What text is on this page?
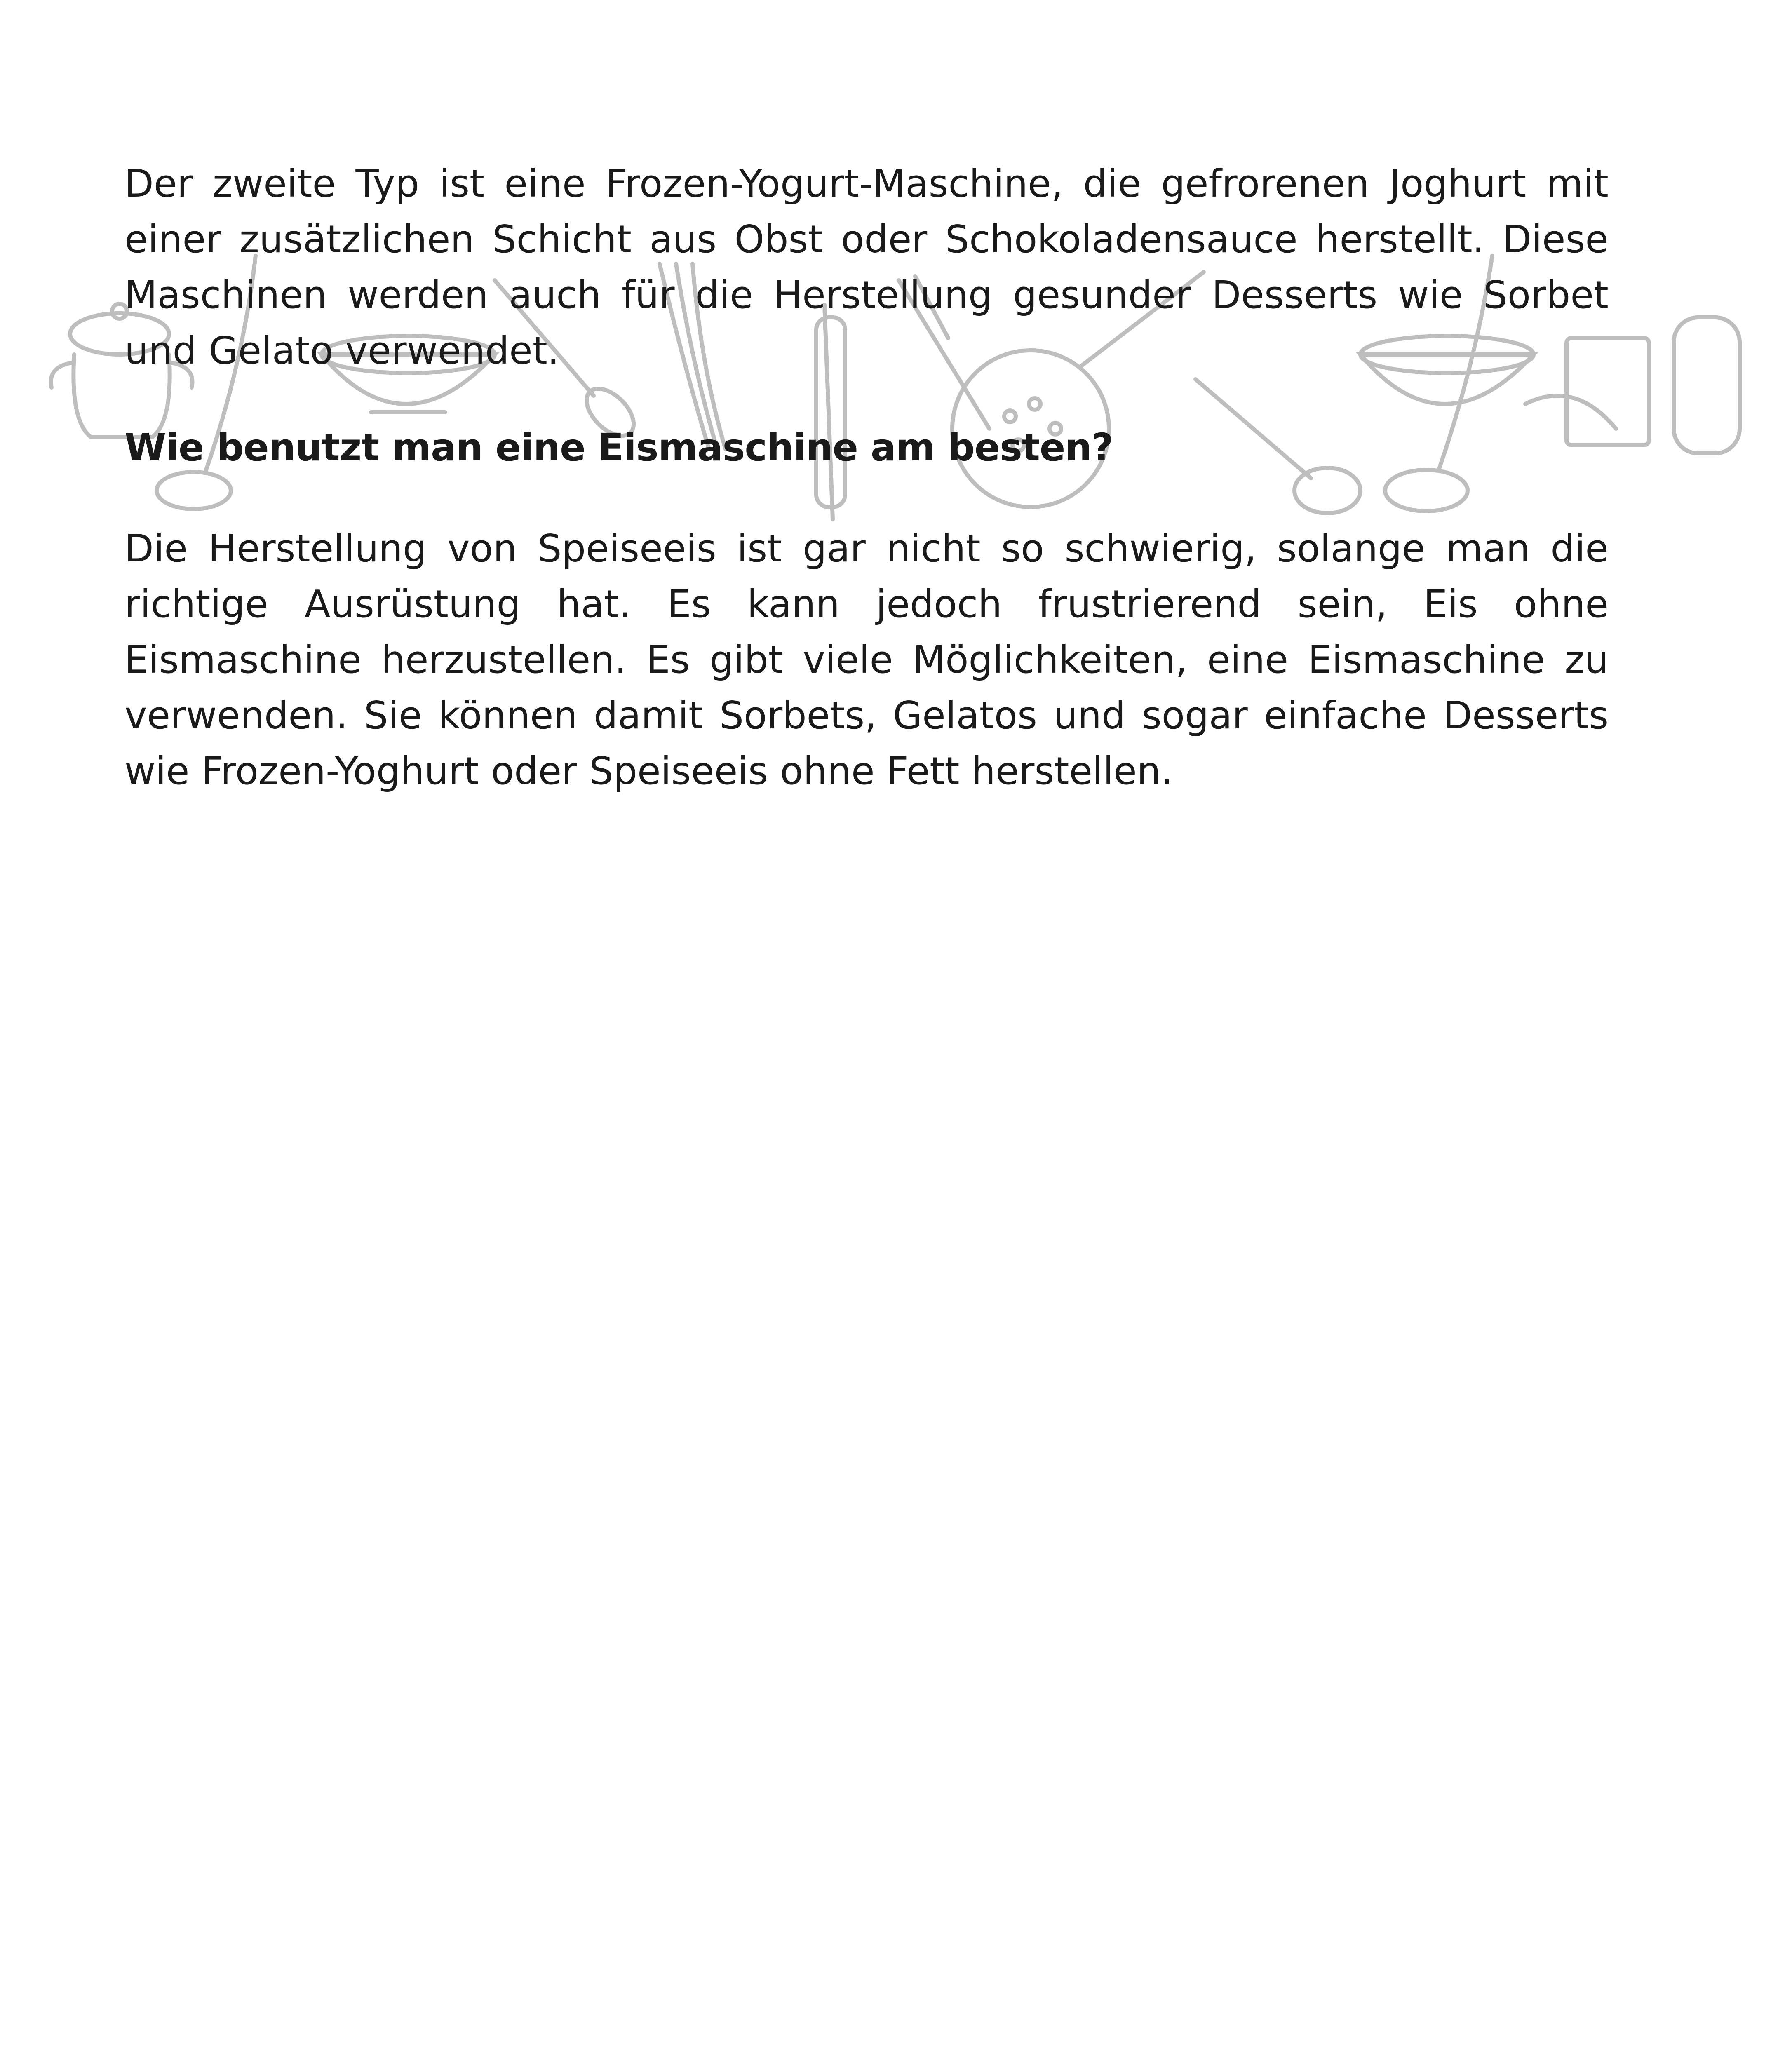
Der zweite Typ ist eine Frozen-Yogurt-Maschine, die gefrorenen Joghurt mit einer zusätzlichen Schicht aus Obst oder Schokoladensauce herstellt. Diese Maschinen werden auch für die Herstellung gesunder Desserts wie Sorbet und Gelato verwendet.

Wie benutzt man eine Eismaschine am besten?

Die Herstellung von Speiseeis ist gar nicht so schwierig, solange man die richtige Ausrüstung hat. Es kann jedoch frustrierend sein, Eis ohne Eismaschine herzustellen. Es gibt viele Möglichkeiten, eine Eismaschine zu verwenden. Sie können damit Sorbets, Gelatos und sogar einfache Desserts wie Frozen-Yoghurt oder Speiseeis ohne Fett herstellen.
